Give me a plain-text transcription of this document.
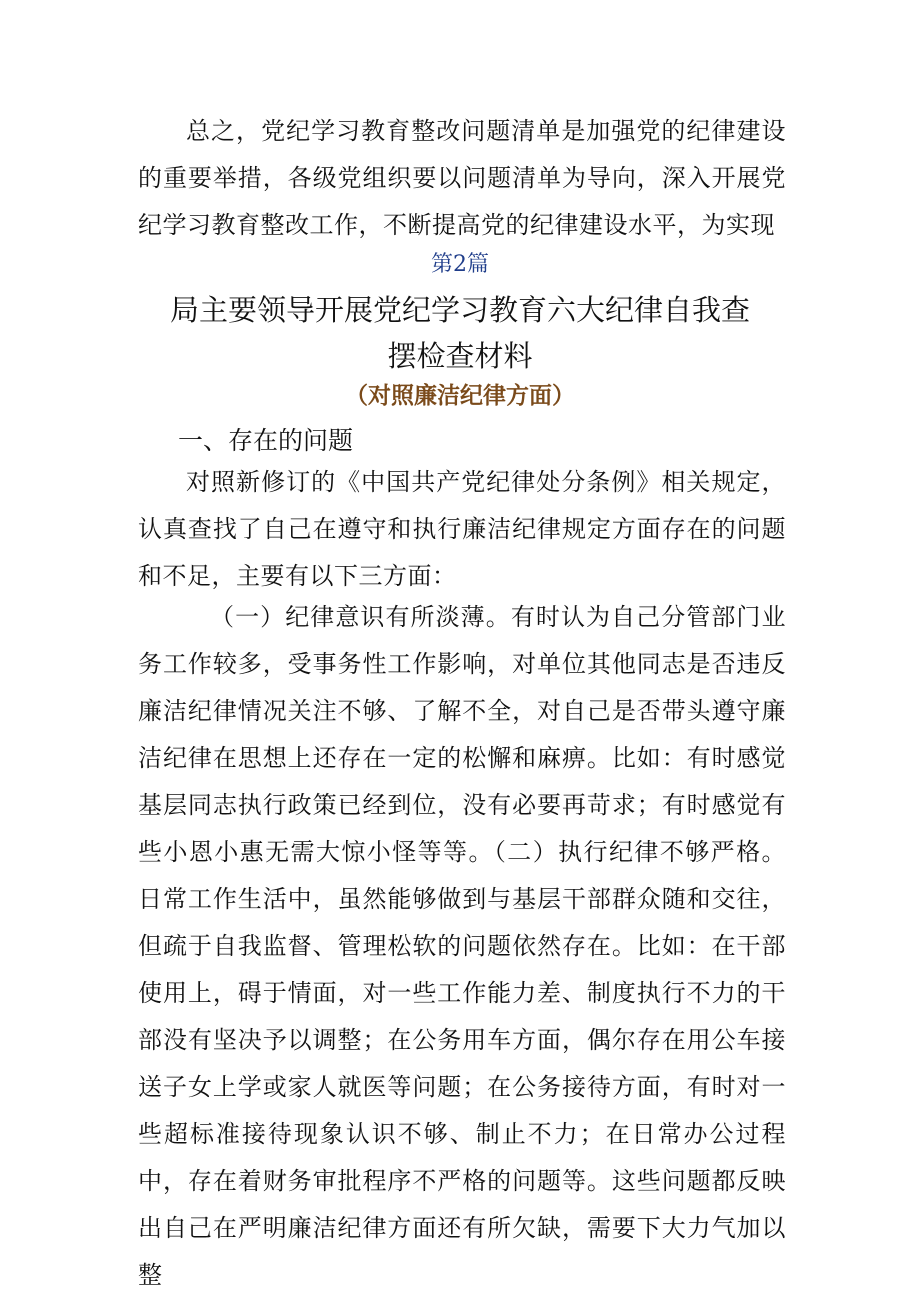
总之，党纪学习教育整改问题清单是加强党的纪律建设的重要举措，各级党组织要以问题清单为导向，深入开展党纪学习教育整改工作，不断提高党的纪律建设水平，为实现

第2篇
局主要领导开展党纪学习教育六大纪律自我查
摆检查材料
（对照廉洁纪律方面）
一、存在的问题

对照新修订的《中国共产党纪律处分条例》相关规定，认真查找了自己在遵守和执行廉洁纪律规定方面存在的问题和不足，主要有以下三方面：

（一）纪律意识有所淡薄。有时认为自己分管部门业务工作较多，受事务性工作影响，对单位其他同志是否违反廉洁纪律情况关注不够、了解不全，对自己是否带头遵守廉洁纪律在思想上还存在一定的松懈和麻痹。比如：有时感觉基层同志执行政策已经到位，没有必要再苛求；有时感觉有些小恩小惠无需大惊小怪等等。（二）执行纪律不够严格。日常工作生活中，虽然能够做到与基层干部群众随和交往，但疏于自我监督、管理松软的问题依然存在。比如：在干部使用上，碍于情面，对一些工作能力差、制度执行不力的干部没有坚决予以调整；在公务用车方面，偶尔存在用公车接送子女上学或家人就医等问题；在公务接待方面，有时对一些超标准接待现象认识不够、制止不力；在日常办公过程中，存在着财务审批程序不严格的问题等。这些问题都反映出自己在严明廉洁纪律方面还有所欠缺，需要下大力气加以整
